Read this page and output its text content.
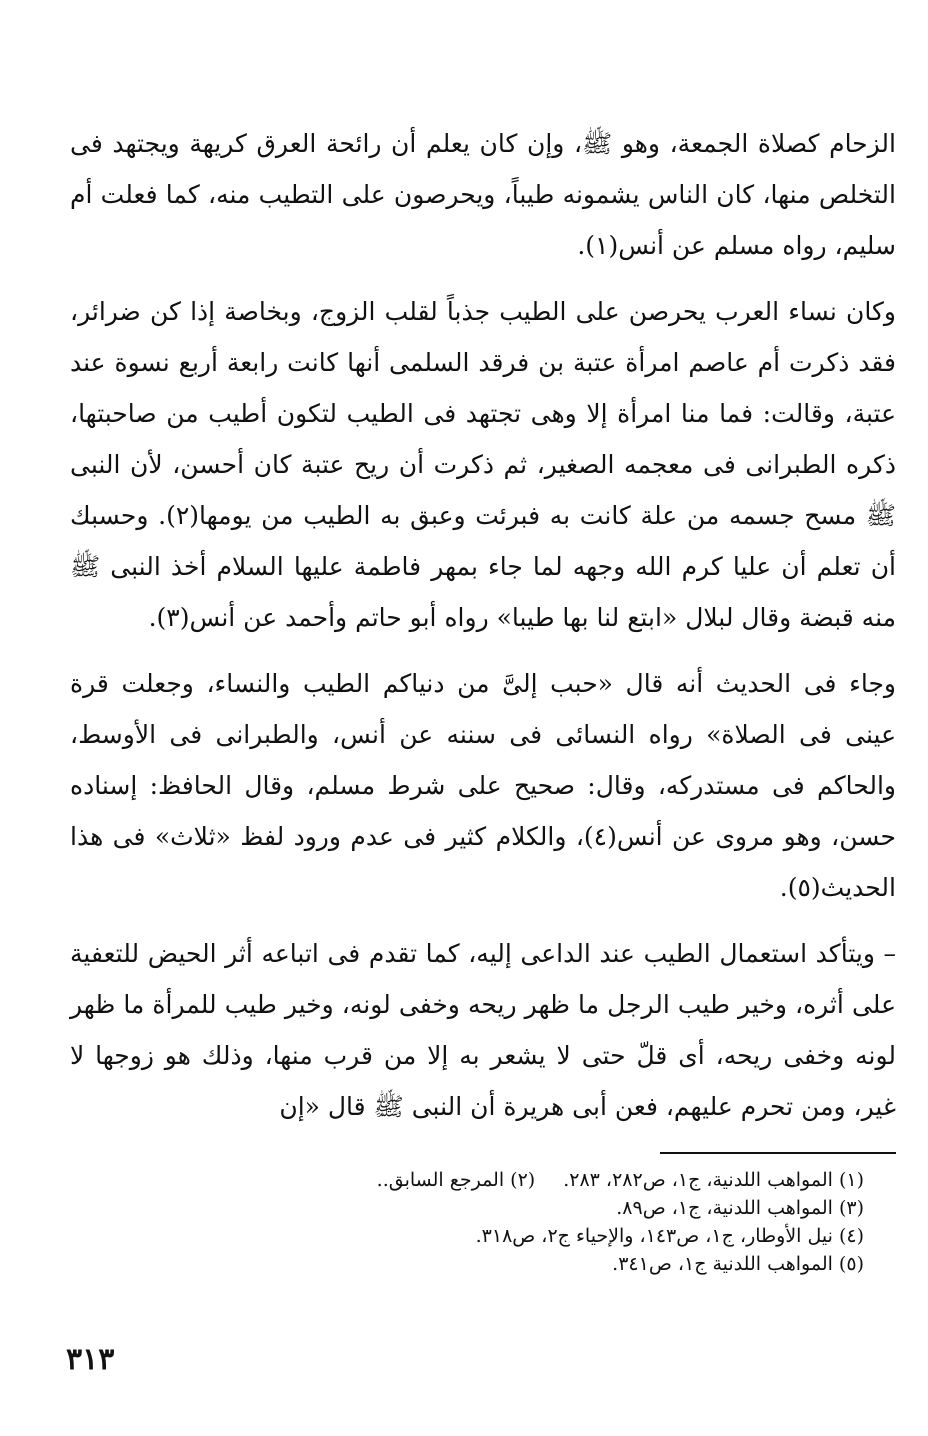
الزحام كصلاة الجمعة، وهو ﷺ، وإن كان يعلم أن رائحة العرق كريهة ويجتهد فى التخلص منها، كان الناس يشمونه طيباً، ويحرصون على التطيب منه، كما فعلت أم سليم، رواه مسلم عن أنس(١).

وكان نساء العرب يحرصن على الطيب جذباً لقلب الزوج، وبخاصة إذا كن ضرائر، فقد ذكرت أم عاصم امرأة عتبة بن فرقد السلمى أنها كانت رابعة أربع نسوة عند عتبة، وقالت: فما منا امرأة إلا وهى تجتهد فى الطيب لتكون أطيب من صاحبتها، ذكره الطبرانى فى معجمه الصغير، ثم ذكرت أن ريح عتبة كان أحسن، لأن النبى ﷺ مسح جسمه من علة كانت به فبرئت وعبق به الطيب من يومها(٢). وحسبك أن تعلم أن عليا كرم الله وجهه لما جاء بمهر فاطمة عليها السلام أخذ النبى ﷺ منه قبضة وقال لبلال «ابتع لنا بها طيبا» رواه أبو حاتم وأحمد عن أنس(٣).

وجاء فى الحديث أنه قال «حبب إلىَّ من دنياكم الطيب والنساء، وجعلت قرة عينى فى الصلاة» رواه النسائى فى سننه عن أنس، والطبرانى فى الأوسط، والحاكم فى مستدركه، وقال: صحيح على شرط مسلم، وقال الحافظ: إسناده حسن، وهو مروى عن أنس(٤)، والكلام كثير فى عدم ورود لفظ «ثلاث» فى هذا الحديث(٥).

– ويتأكد استعمال الطيب عند الداعى إليه، كما تقدم فى اتباعه أثر الحيض للتعفية على أثره، وخير طيب الرجل ما ظهر ريحه وخفى لونه، وخير طيب للمرأة ما ظهر لونه وخفى ريحه، أى قلّ حتى لا يشعر به إلا من قرب منها، وذلك هو زوجها لا غير، ومن تحرم عليهم، فعن أبى هريرة أن النبى ﷺ قال «إن

(١) المواهب اللدنية، ج١، ص٢٨٢، ٢٨٣.
(٢) المرجع السابق..
(٣) المواهب اللدنية، ج١، ص٨٩.
(٤) نيل الأوطار، ج١، ص١٤٣، والإحياء ج٢، ص٣١٨.
(٥) المواهب اللدنية ج١، ص٣٤١.
٣١٣
